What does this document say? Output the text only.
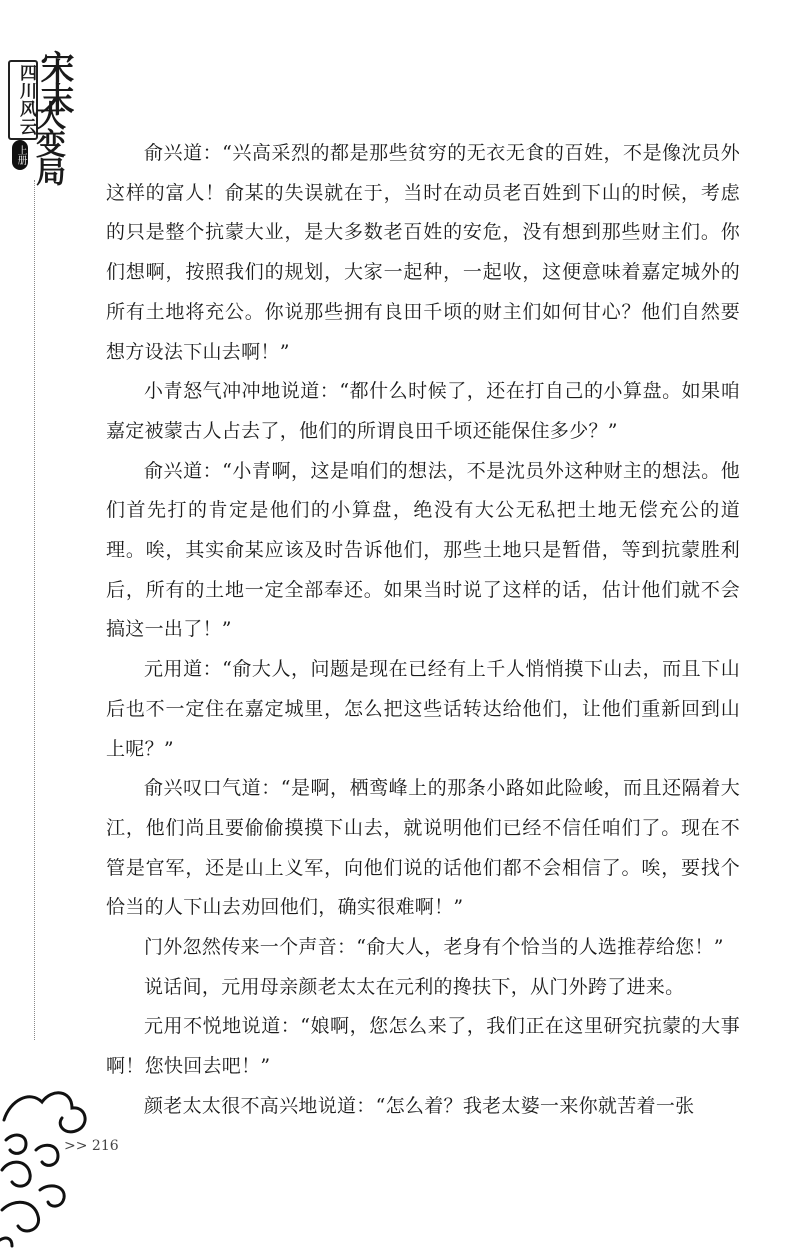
四川风云
宋末
大变局
上册	俞兴道：“兴高采烈的都是那些贫穷的无衣无食的百姓，不是像沈员外这样的富人！俞某的失误就在于，当时在动员老百姓到下山的时候，考虑的只是整个抗蒙大业，是大多数老百姓的安危，没有想到那些财主们。你们想啊，按照我们的规划，大家一起种，一起收，这便意味着嘉定城外的所有土地将充公。你说那些拥有良田千顷的财主们如何甘心？他们自然要想方设法下山去啊！”

小青怒气冲冲地说道：“都什么时候了，还在打自己的小算盘。如果咱嘉定被蒙古人占去了，他们的所谓良田千顷还能保住多少？”

俞兴道：“小青啊，这是咱们的想法，不是沈员外这种财主的想法。他们首先打的肯定是他们的小算盘，绝没有大公无私把土地无偿充公的道理。唉，其实俞某应该及时告诉他们，那些土地只是暂借，等到抗蒙胜利后，所有的土地一定全部奉还。如果当时说了这样的话，估计他们就不会搞这一出了！”

元用道：“俞大人，问题是现在已经有上千人悄悄摸下山去，而且下山后也不一定住在嘉定城里，怎么把这些话转达给他们，让他们重新回到山上呢？”

俞兴叹口气道：“是啊，栖鸾峰上的那条小路如此险峻，而且还隔着大江，他们尚且要偷偷摸摸下山去，就说明他们已经不信任咱们了。现在不管是官军，还是山上义军，向他们说的话他们都不会相信了。唉，要找个恰当的人下山去劝回他们，确实很难啊！”

门外忽然传来一个声音：“俞大人，老身有个恰当的人选推荐给您！”

说话间，元用母亲颜老太太在元利的搀扶下，从门外跨了进来。

元用不悦地说道：“娘啊，您怎么来了，我们正在这里研究抗蒙的大事啊！您快回去吧！”

颜老太太很不高兴地说道：“怎么着？我老太婆一来你就苦着一张

>> 216
